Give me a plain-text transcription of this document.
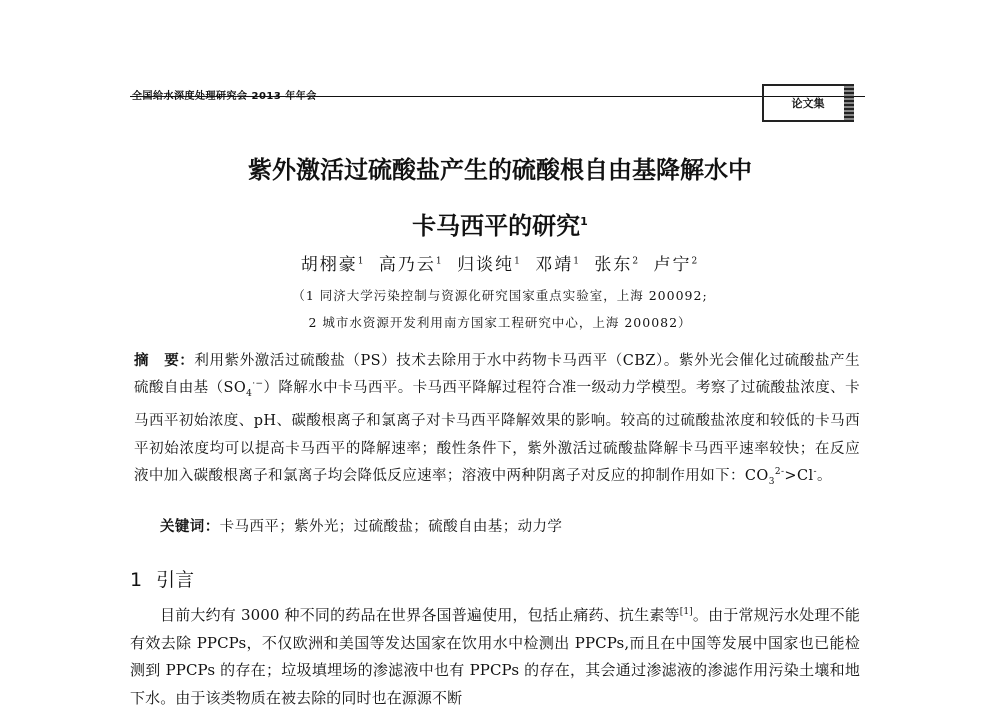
全国给水深度处理研究会 2013 年年会
论文集
紫外激活过硫酸盐产生的硫酸根自由基降解水中
卡马西平的研究$^1$
胡栩豪$^1$ 高乃云$^1$ 归谈纯$^1$ 邓靖$^1$ 张东$^2$ 卢宁$^2$
（1 同济大学污染控制与资源化研究国家重点实验室，上海 200092;
2 城市水资源开发利用南方国家工程研究中心，上海 200082）
摘　要：利用紫外激活过硫酸盐（PS）技术去除用于水中药物卡马西平（CBZ）。紫外光会催化过硫酸盐产生硫酸自由基$(SO_4^{\cdot-})$降解水中卡马西平。卡马西平降解过程符合准一级动力学模型。考察了过硫酸盐浓度、卡马西平初始浓度、pH、碳酸根离子和氯离子对卡马西平降解效果的影响。较高的过硫酸盐浓度和较低的卡马西平初始浓度均可以提高卡马西平的降解速率；酸性条件下，紫外激活过硫酸盐降解卡马西平速率较快；在反应液中加入碳酸根离子和氯离子均会降低反应速率；溶液中两种阴离子对反应的抑制作用如下：$CO_3^{2-}>Cl^-$。
关键词：卡马西平；紫外光；过硫酸盐；硫酸自由基；动力学
1 引言
目前大约有 3000 种不同的药品在世界各国普遍使用，包括止痛药、抗生素等[1]。由于常规污水处理不能有效去除 PPCPs，不仅欧洲和美国等发达国家在饮用水中检测出 PPCPs,而且在中国等发展中国家也已能检测到 PPCPs 的存在；垃圾填埋场的渗滤液中也有 PPCPs 的存在，其会通过渗滤液的渗滤作用污染土壤和地下水。由于该类物质在被去除的同时也在源源不断
